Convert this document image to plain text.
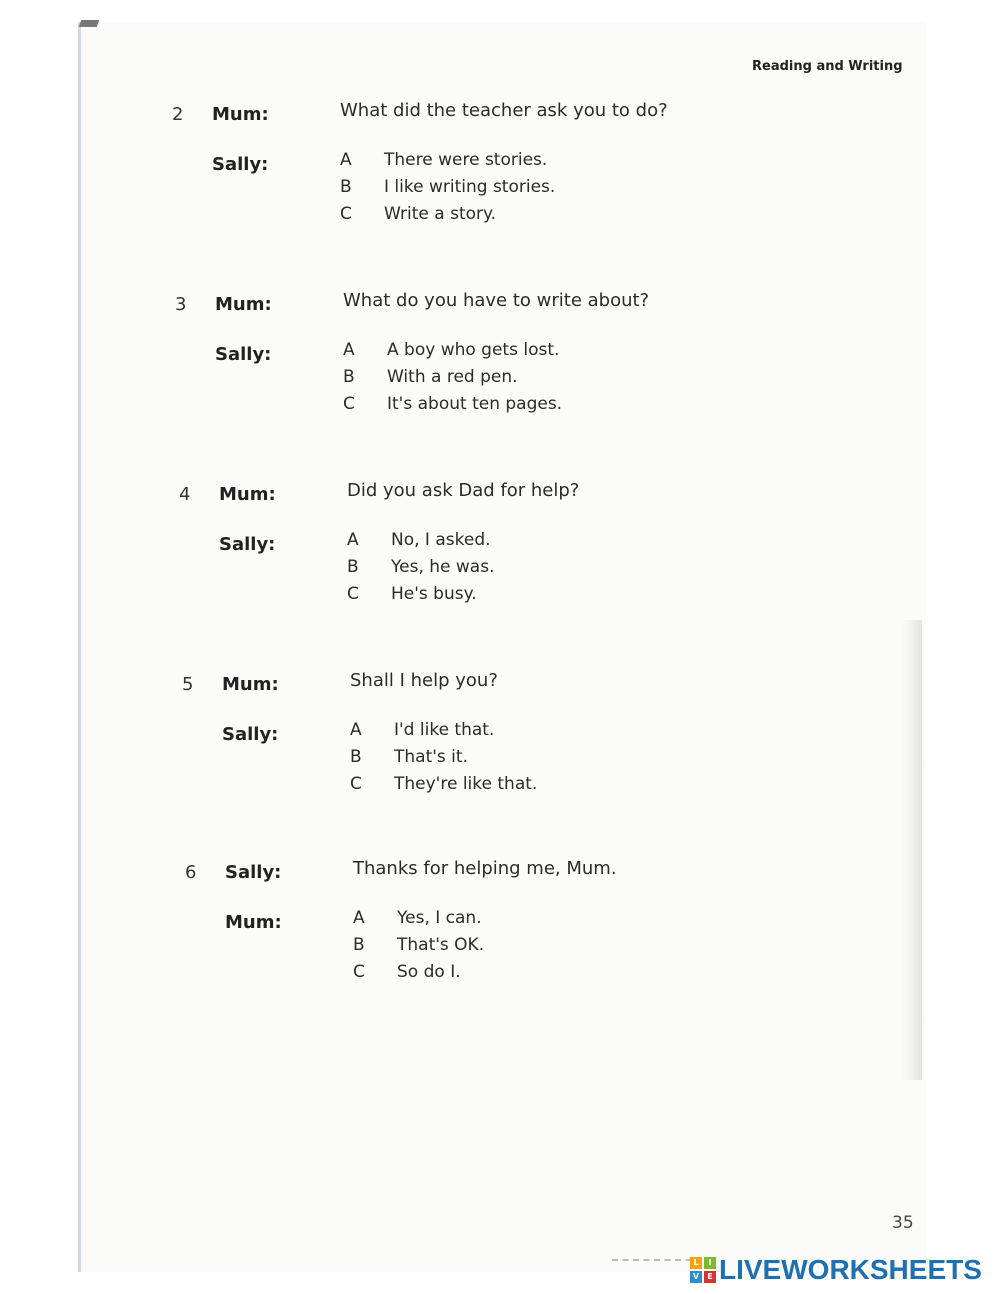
Reading and Writing
2 Mum:	What did the teacher ask you to do?
Sally:	A There were stories.
B I like writing stories.
C Write a story.
3 Mum:	What do you have to write about?
Sally:	A A boy who gets lost.
B With a red pen.
C It's about ten pages.
4 Mum:	Did you ask Dad for help?
Sally:	A No, I asked.
B Yes, he was.
C He's busy.
5 Mum:	Shall I help you?
Sally:	A I'd like that.
B That's it.
C They're like that.
6 Sally:	Thanks for helping me, Mum.
Mum:	A Yes, I can.
B That's OK.
C So do I.
35
L	I
V	E LIVEWORKSHEETS
